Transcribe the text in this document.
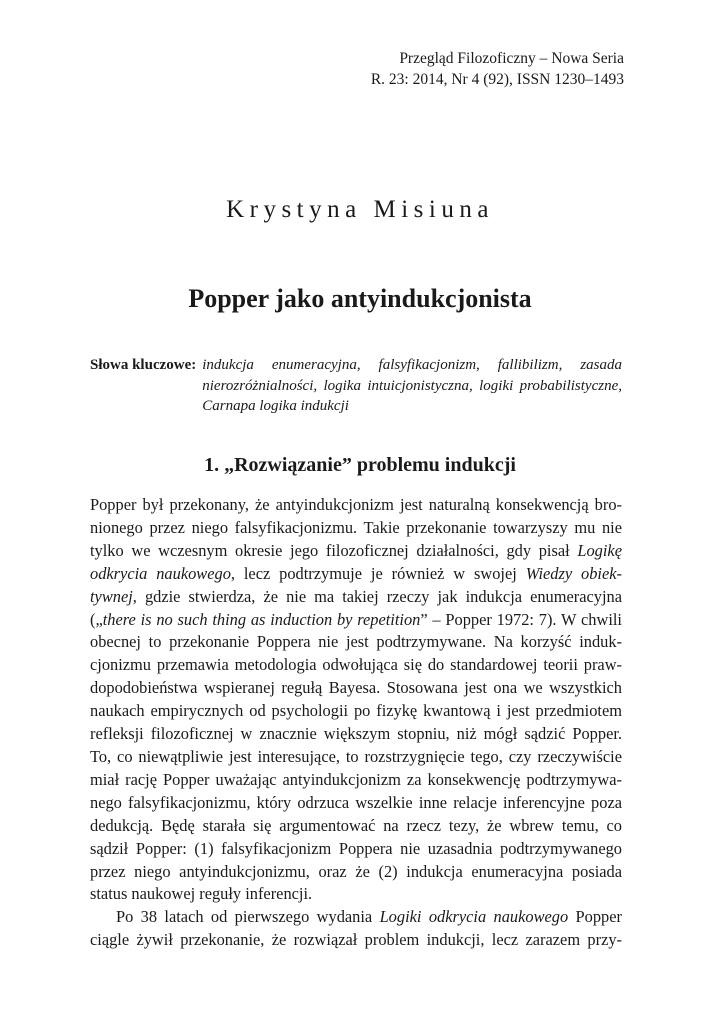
Przegląd Filozoficzny – Nowa Seria
R. 23: 2014, Nr 4 (92), ISSN 1230–1493
Krystyna Misiuna
Popper jako antyindukcjonista
Słowa kluczowe: indukcja enumeracyjna, falsyfikacjonizm, fallibilizm, zasada nierozróżnialności, logika intuicjonistyczna, logiki probabilistyczne, Carnapa logika indukcji
1. „Rozwiązanie” problemu indukcji
Popper był przekonany, że antyindukcjonizm jest naturalną konsekwencją bro-
nionego przez niego falsyfikacjonizmu. Takie przekonanie towarzyszy mu nie
tylko we wczesnym okresie jego filozoficznej działalności, gdy pisał Logikę
odkrycia naukowego, lecz podtrzymuje je również w swojej Wiedzy obiek-
tywnej, gdzie stwierdza, że nie ma takiej rzeczy jak indukcja enumeracyjna
(„there is no such thing as induction by repetition” – Popper 1972: 7). W chwili
obecnej to przekonanie Poppera nie jest podtrzymywane. Na korzyść induk-
cjonizmu przemawia metodologia odwołująca się do standardowej teorii praw-
dopodobieństwa wspieranej regułą Bayesa. Stosowana jest ona we wszystkich
naukach empirycznych od psychologii po fizykę kwantową i jest przedmiotem
refleksji filozoficznej w znacznie większym stopniu, niż mógł sądzić Popper.
To, co niewątpliwie jest interesujące, to rozstrzygnięcie tego, czy rzeczywiście
miał rację Popper uważając antyindukcjonizm za konsekwencję podtrzymywa-
nego falsyfikacjonizmu, który odrzuca wszelkie inne relacje inferencyjne poza
dedukcją. Będę starała się argumentować na rzecz tezy, że wbrew temu, co
sądził Popper: (1) falsyfikacjonizm Poppera nie uzasadnia podtrzymywanego
przez niego antyindukcjonizmu, oraz że (2) indukcja enumeracyjna posiada
status naukowej reguły inferencji.
Po 38 latach od pierwszego wydania Logiki odkrycia naukowego Popper
ciągle żywił przekonanie, że rozwiązał problem indukcji, lecz zarazem przy-
